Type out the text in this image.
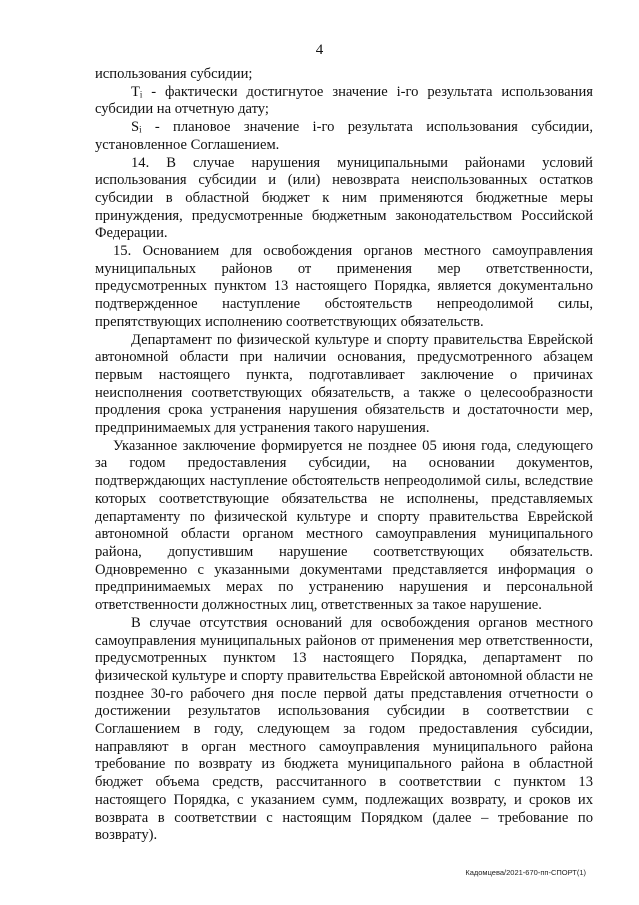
4

использования субсидии;

Tᵢ - фактически достигнутое значение i-го результата использования субсидии на отчетную дату;

Sᵢ - плановое значение i-го результата использования субсидии, установленное Соглашением.

14. В случае нарушения муниципальными районами условий использования субсидии и (или) невозврата неиспользованных остатков субсидии в областной бюджет к ним применяются бюджетные меры принуждения, предусмотренные бюджетным законодательством Российской Федерации.

15. Основанием для освобождения органов местного самоуправления муниципальных районов от применения мер ответственности, предусмотренных пунктом 13 настоящего Порядка, является документально подтвержденное наступление обстоятельств непреодолимой силы, препятствующих исполнению соответствующих обязательств.

Департамент по физической культуре и спорту правительства Еврейской автономной области при наличии основания, предусмотренного абзацем первым настоящего пункта, подготавливает заключение о причинах неисполнения соответствующих обязательств, а также о целесообразности продления срока устранения нарушения обязательств и достаточности мер, предпринимаемых для устранения такого нарушения.

Указанное заключение формируется не позднее 05 июня года, следующего за годом предоставления субсидии, на основании документов, подтверждающих наступление обстоятельств непреодолимой силы, вследствие которых соответствующие обязательства не исполнены, представляемых департаменту по физической культуре и спорту правительства Еврейской автономной области органом местного самоуправления муниципального района, допустившим нарушение соответствующих обязательств. Одновременно с указанными документами представляется информация о предпринимаемых мерах по устранению нарушения и персональной ответственности должностных лиц, ответственных за такое нарушение.

В случае отсутствия оснований для освобождения органов местного самоуправления муниципальных районов от применения мер ответственности, предусмотренных пунктом 13 настоящего Порядка, департамент по физической культуре и спорту правительства Еврейской автономной области не позднее 30-го рабочего дня после первой даты представления отчетности о достижении результатов использования субсидии в соответствии с Соглашением в году, следующем за годом предоставления субсидии, направляют в орган местного самоуправления муниципального района требование по возврату из бюджета муниципального района в областной бюджет объема средств, рассчитанного в соответствии с пунктом 13 настоящего Порядка, с указанием сумм, подлежащих возврату, и сроков их возврата в соответствии с настоящим Порядком (далее – требование по возврату).

Кадомцева/2021-670-пп-СПОРТ(1)
